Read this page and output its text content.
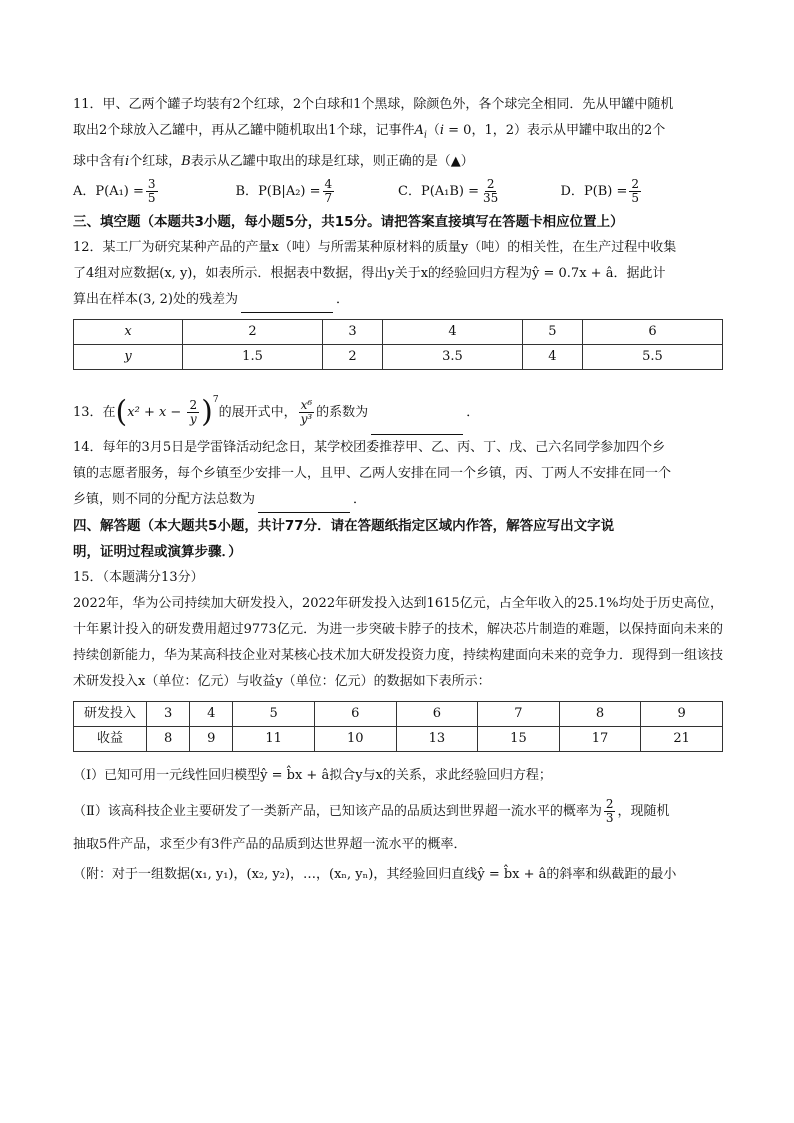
11．甲、乙两个罐子均装有2个红球，2个白球和1个黑球，除颜色外，各个球完全相同．先从甲罐中随机

取出2个球放入乙罐中，再从乙罐中随机取出1个球，记事件$A_i(i = 0$，1，2）表示从甲罐中取出的2个

球中含有i个红球，B表示从乙罐中取出的球是红球，则正确的是（▲）

A． $P(A_1) = \frac{3}{5}$	B． $P(B|A_2) = \frac{4}{7}$	C． $P(A_1B) = \frac{2}{35}$	D． $P(B) = \frac{2}{5}$

三、填空题（本题共3小题，每小题5分，共15分。请把答案直接填写在答题卡相应位置上）

12．某工厂为研究某种产品的产量x（吨）与所需某种原材料的质量y（吨）的相关性，在生产过程中收集

了4组对应数据(x, y)，如表所示．根据表中数据，得出y关于x的经验回归方程为ŷ = 0.7x + â．据此计

算出在样本(3, 2)处的残差为	．

x	2	3	4	5	6
y	1.5	2	3.5	4	5.5

13．在$(x^2 + x - \frac{2}{y} )^7$的展开式中， $\frac{\text{x⁶}}{\text{y³}}$ 的系数为	．

14．每年的3月5日是学雷锋活动纪念日，某学校团委推荐甲、乙、丙、丁、戊、己六名同学参加四个乡

镇的志愿者服务，每个乡镇至少安排一人，且甲、乙两人安排在同一个乡镇，丙、丁两人不安排在同一个

乡镇，则不同的分配方法总数为	．

四、解答题（本大题共5小题，共计77分．请在答题纸指定区域内作答，解答应写出文字说

明，证明过程或演算步骤．）

15．（本题满分13分）

2022年，华为公司持续加大研发投入，2022年研发投入达到1615亿元，占全年收入的25.1%均处于历史高位，十年累计投入的研发费用超过9773亿元．为进一步突破卡脖子的技术，解决芯片制造的难题，以保持面向未来的持续创新能力，华为某高科技企业对某核心技术加大研发投资力度，持续构建面向未来的竞争力．现得到一组该技术研发投入x（单位：亿元）与收益y（单位：亿元）的数据如下表所示：

研发投入	3	4	5	6	6	7	8	9
收益	8	9	11	10	13	15	17	21

（Ⅰ）已知可用一元线性回归模型ŷ = b̂x + â拟合y与x的关系，求此经验回归方程；

（Ⅱ）该高科技企业主要研发了一类新产品，已知该产品的品质达到世界超一流水平的概率为 $\frac{2}{3}$ ，现随机

抽取5件产品，求至少有3件产品的品质到达世界超一流水平的概率．

（附：对于一组数据(x₁, y₁)，(x₂, y₂)，…，(xₙ, yₙ)，其经验回归直线ŷ = b̂x + â的斜率和纵截距的最小
